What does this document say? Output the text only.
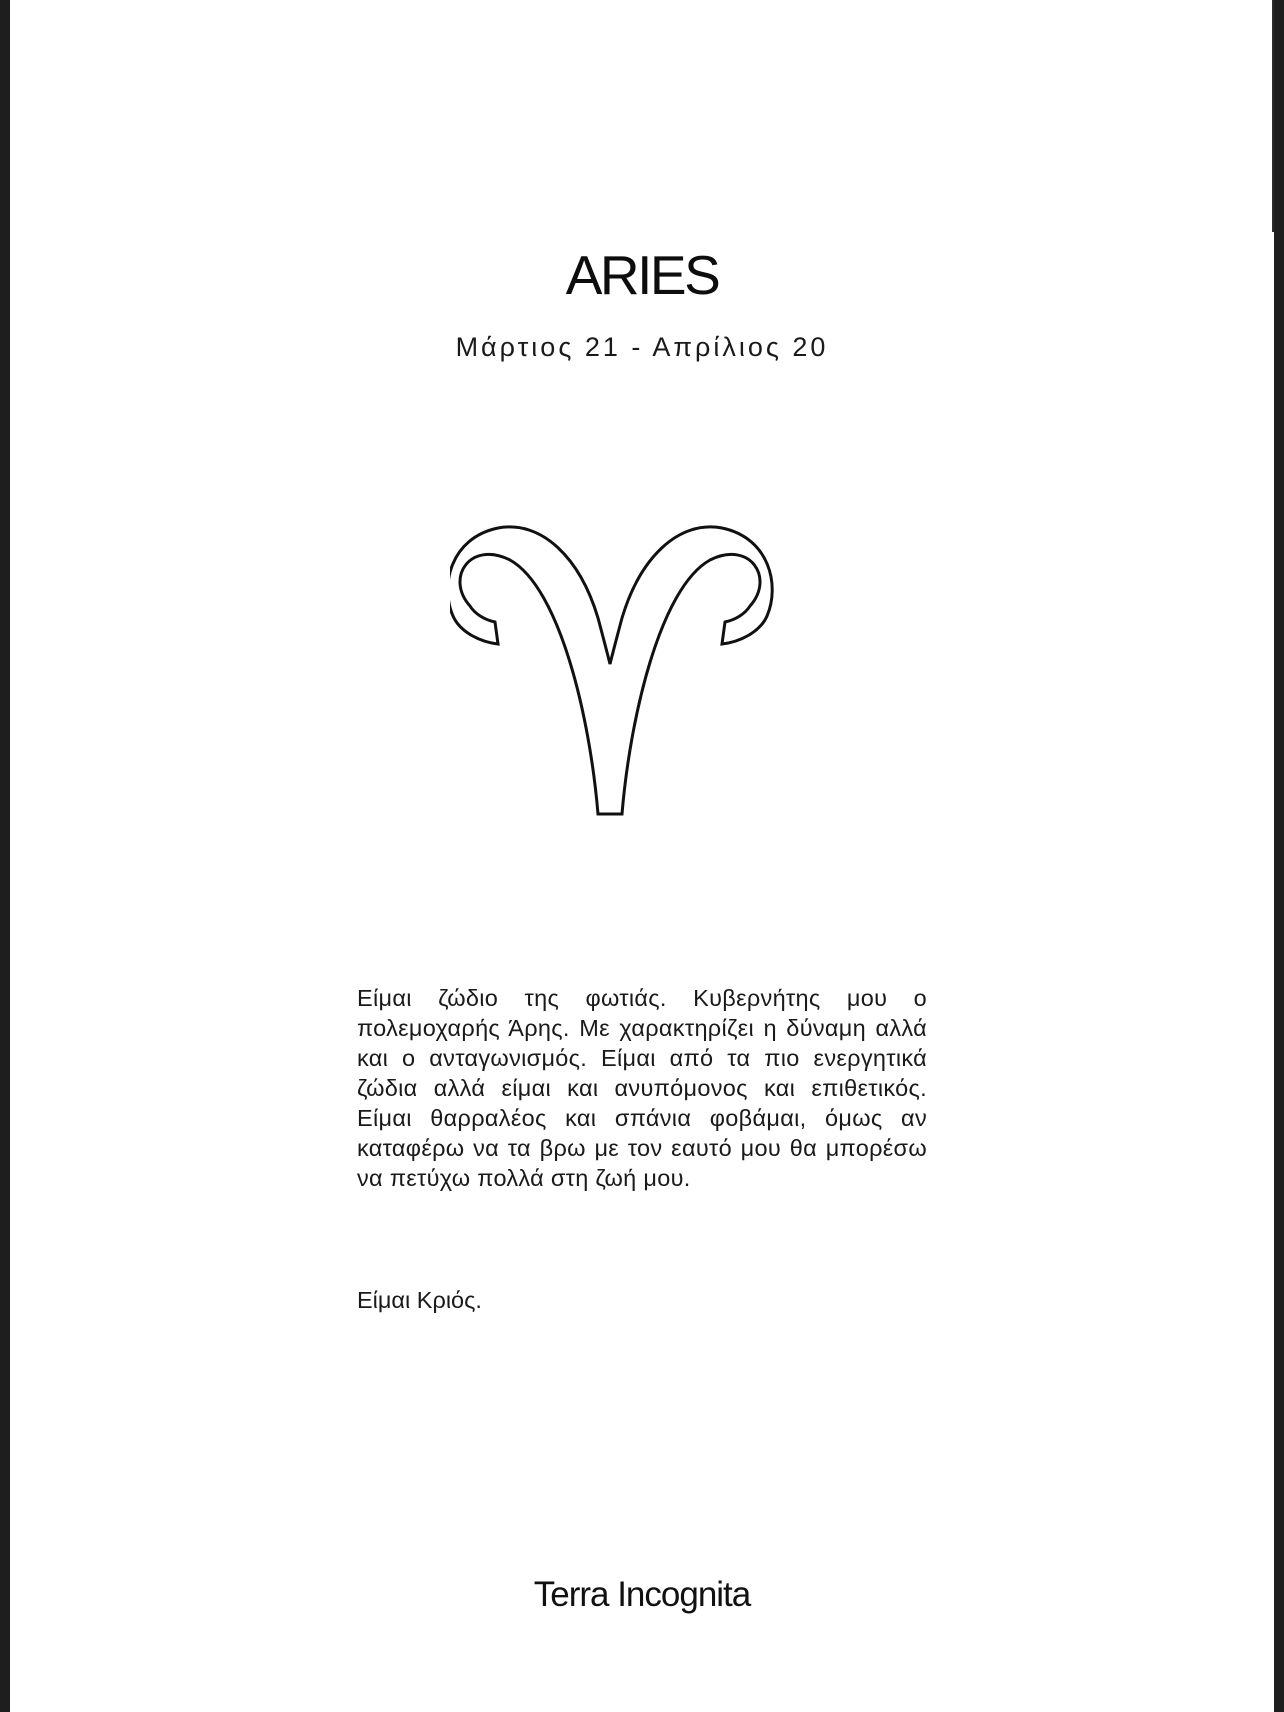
ARIES

Μάρτιος 21 - Απρίλιος 20

Είμαι ζώδιο της φωτιάς. Κυβερνήτης μου ο πολεμοχαρής Άρης. Με χαρακτηρίζει η δύναμη αλλά και ο ανταγωνισμός. Είμαι από τα πιο ενεργητικά ζώδια αλλά είμαι και ανυπόμονος και επιθετικός. Είμαι θαρραλέος και σπάνια φοβάμαι, όμως αν καταφέρω να τα βρω με τον εαυτό μου θα μπορέσω να πετύχω πολλά στη ζωή μου.

Είμαι Κριός.

Terra Incognita
